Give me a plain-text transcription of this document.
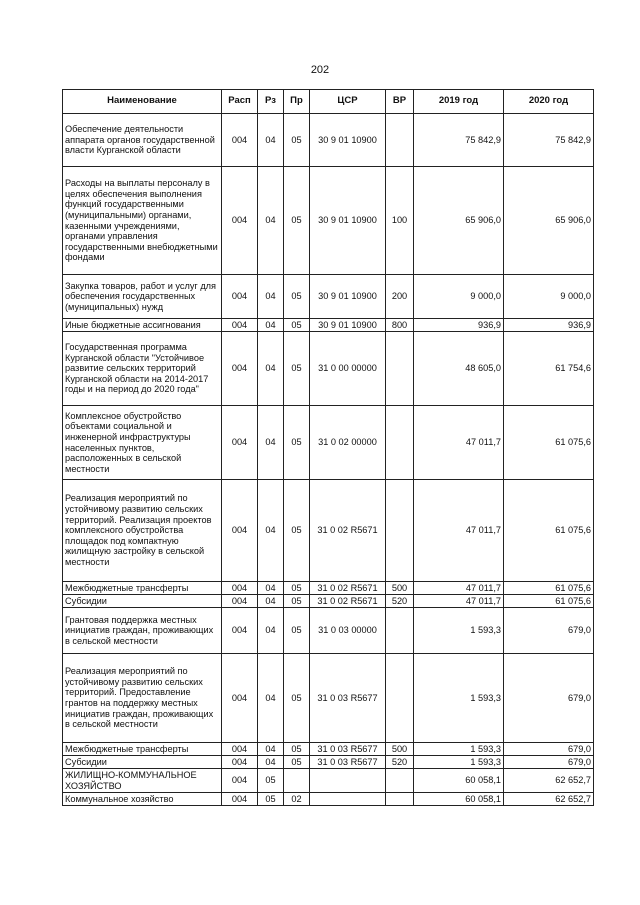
202
Наименование	Расп	Рз	Пр	ЦСР	ВР	2019 год	2020 год
Обеспечение деятельности аппарата органов государственной власти Курганской области	004	04	05	30 9 01 10900		75 842,9	75 842,9
Расходы на выплаты персоналу в целях обеспечения выполнения функций государственными (муниципальными) органами, казенными учреждениями, органами управления государственными внебюджетными фондами	004	04	05	30 9 01 10900	100	65 906,0	65 906,0
Закупка товаров, работ и услуг для обеспечения государственных (муниципальных) нужд	004	04	05	30 9 01 10900	200	9 000,0	9 000,0
Иные бюджетные ассигнования	004	04	05	30 9 01 10900	800	936,9	936,9
Государственная программа Курганской области "Устойчивое развитие сельских территорий Курганской области на 2014-2017 годы и на период до 2020 года"	004	04	05	31 0 00 00000		48 605,0	61 754,6
Комплексное обустройство объектами социальной и инженерной инфраструктуры населенных пунктов, расположенных в сельской местности	004	04	05	31 0 02 00000		47 011,7	61 075,6
Реализация мероприятий по устойчивому развитию сельских территорий. Реализация проектов комплексного обустройства площадок под компактную жилищную застройку в сельской местности	004	04	05	31 0 02 R5671		47 011,7	61 075,6
Межбюджетные трансферты	004	04	05	31 0 02 R5671	500	47 011,7	61 075,6
Субсидии	004	04	05	31 0 02 R5671	520	47 011,7	61 075,6
Грантовая поддержка местных инициатив граждан, проживающих в сельской местности	004	04	05	31 0 03 00000		1 593,3	679,0
Реализация мероприятий по устойчивому развитию сельских территорий. Предоставление грантов на поддержку местных инициатив граждан, проживающих в сельской местности	004	04	05	31 0 03 R5677		1 593,3	679,0
Межбюджетные трансферты	004	04	05	31 0 03 R5677	500	1 593,3	679,0
Субсидии	004	04	05	31 0 03 R5677	520	1 593,3	679,0
ЖИЛИЩНО-КОММУНАЛЬНОЕ ХОЗЯЙСТВО	004	05				60 058,1	62 652,7
Коммунальное хозяйство	004	05	02			60 058,1	62 652,7
